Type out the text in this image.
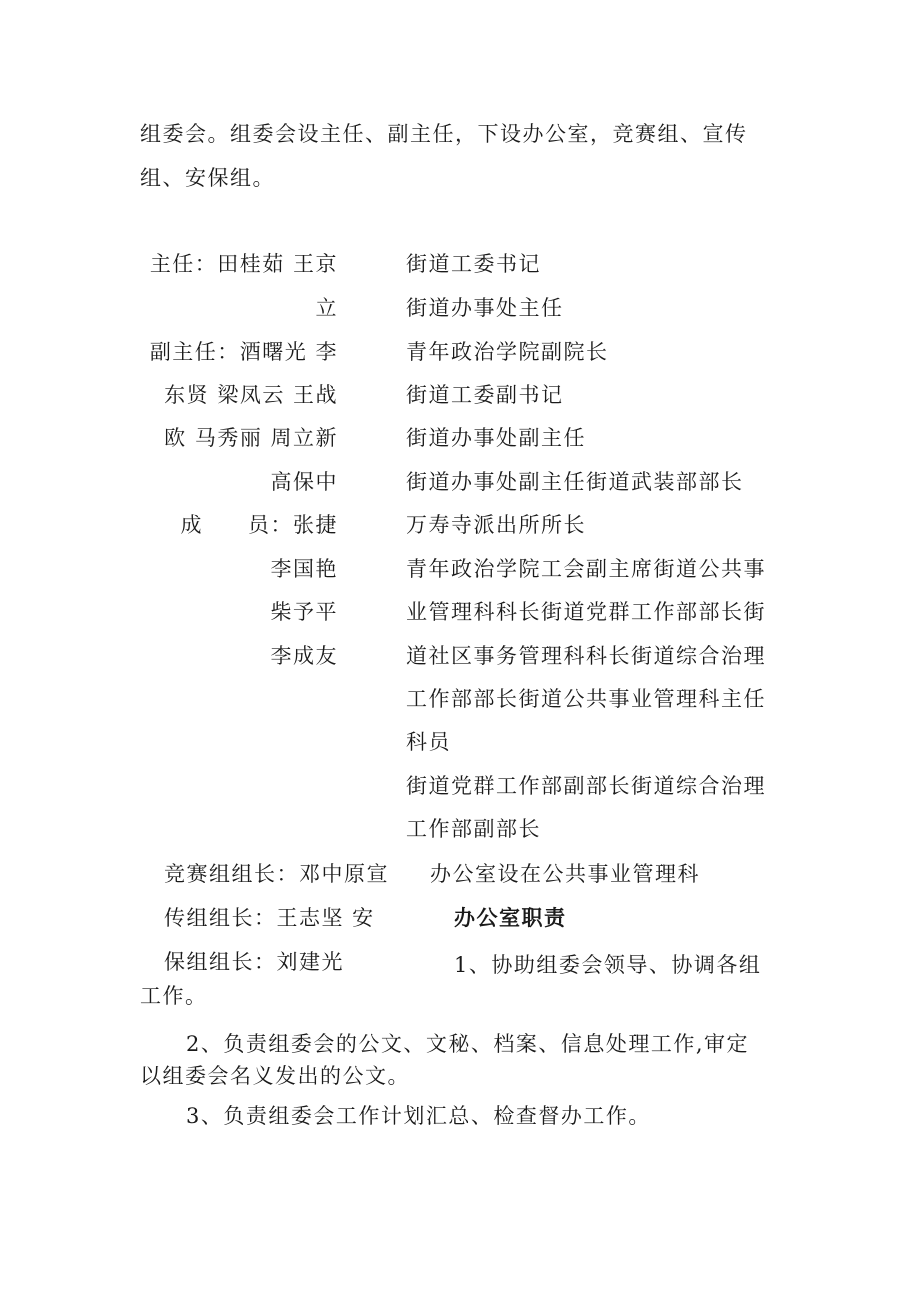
组委会。组委会设主任、副主任，下设办公室，竞赛组、宣传
组、安保组。
主任：田桂茹 王京
立
副主任：酒曙光 李
东贤 梁凤云 王战
欧 马秀丽 周立新
高保中
成　　员：张捷
李国艳
柴予平
李成友
街道工委书记
街道办事处主任
青年政治学院副院长
街道工委副书记
街道办事处副主任
街道办事处副主任街道武装部部长
万寿寺派出所所长
青年政治学院工会副主席街道公共事
业管理科科长街道党群工作部部长街
道社区事务管理科科长街道综合治理
工作部部长街道公共事业管理科主任
科员
街道党群工作部副部长街道综合治理
工作部副部长
竞赛组组长：邓中原宣
传组组长：王志坚 安
保组组长：刘建光
工作。
办公室设在公共事业管理科
办公室职责
1、协助组委会领导、协调各组
2、负责组委会的公文、文秘、档案、信息处理工作,审定
以组委会名义发出的公文。
3、负责组委会工作计划汇总、检查督办工作。
